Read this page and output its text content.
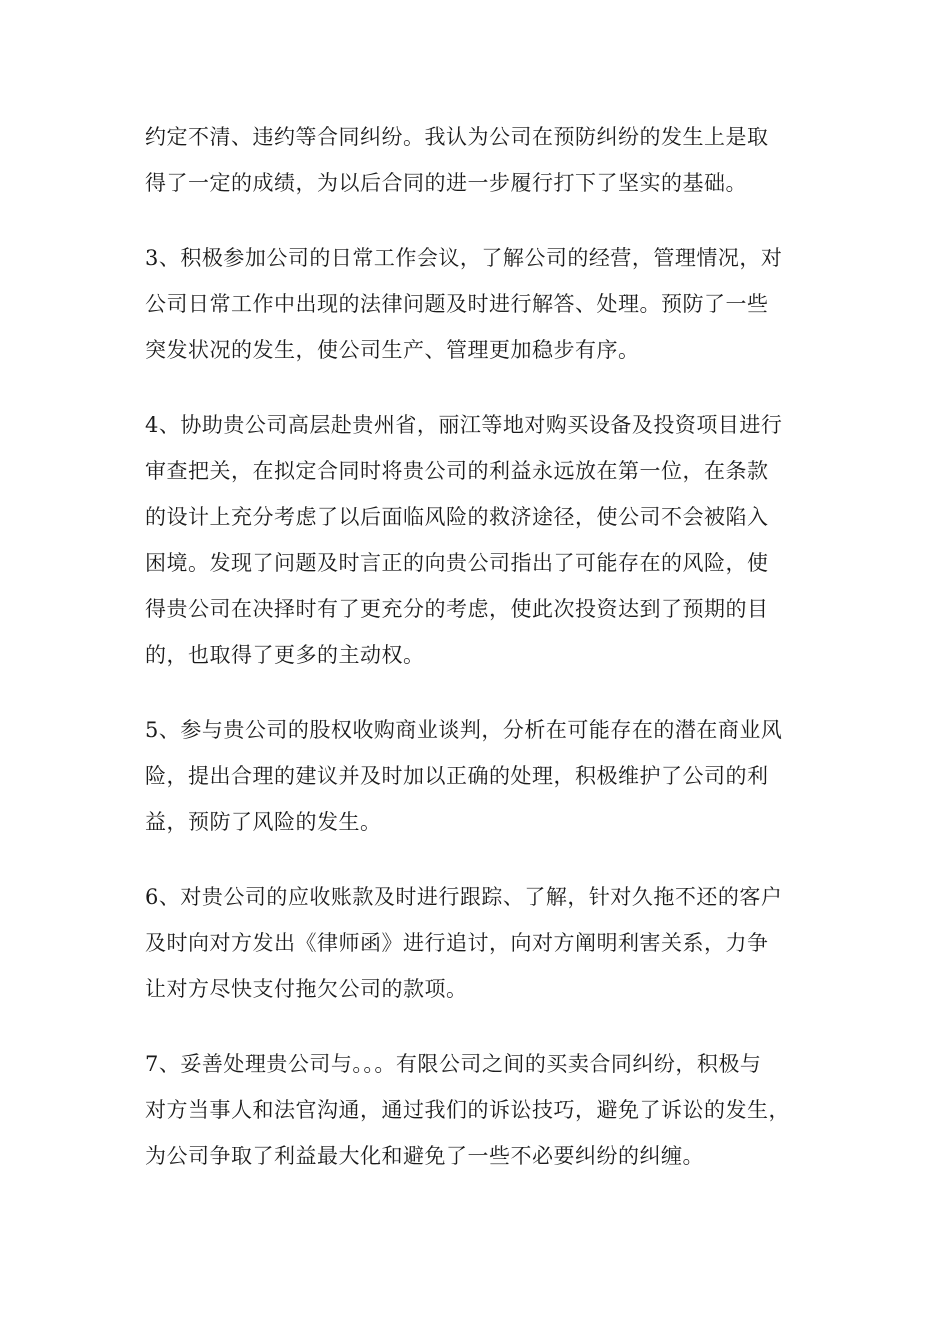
约定不清、违约等合同纠纷。我认为公司在预防纠纷的发生上是取
得了一定的成绩，为以后合同的进一步履行打下了坚实的基础。
3、积极参加公司的日常工作会议，了解公司的经营，管理情况，对
公司日常工作中出现的法律问题及时进行解答、处理。预防了一些
突发状况的发生，使公司生产、管理更加稳步有序。
4、协助贵公司高层赴贵州省，丽江等地对购买设备及投资项目进行
审查把关，在拟定合同时将贵公司的利益永远放在第一位，在条款
的设计上充分考虑了以后面临风险的救济途径，使公司不会被陷入
困境。发现了问题及时言正的向贵公司指出了可能存在的风险，使
得贵公司在决择时有了更充分的考虑，使此次投资达到了预期的目
的，也取得了更多的主动权。
5、参与贵公司的股权收购商业谈判，分析在可能存在的潜在商业风
险，提出合理的建议并及时加以正确的处理，积极维护了公司的利
益，预防了风险的发生。
6、对贵公司的应收账款及时进行跟踪、了解，针对久拖不还的客户
及时向对方发出《律师函》进行追讨，向对方阐明利害关系，力争
让对方尽快支付拖欠公司的款项。
7、妥善处理贵公司与。。。有限公司之间的买卖合同纠纷，积极与
对方当事人和法官沟通，通过我们的诉讼技巧，避免了诉讼的发生，
为公司争取了利益最大化和避免了一些不必要纠纷的纠缠。
